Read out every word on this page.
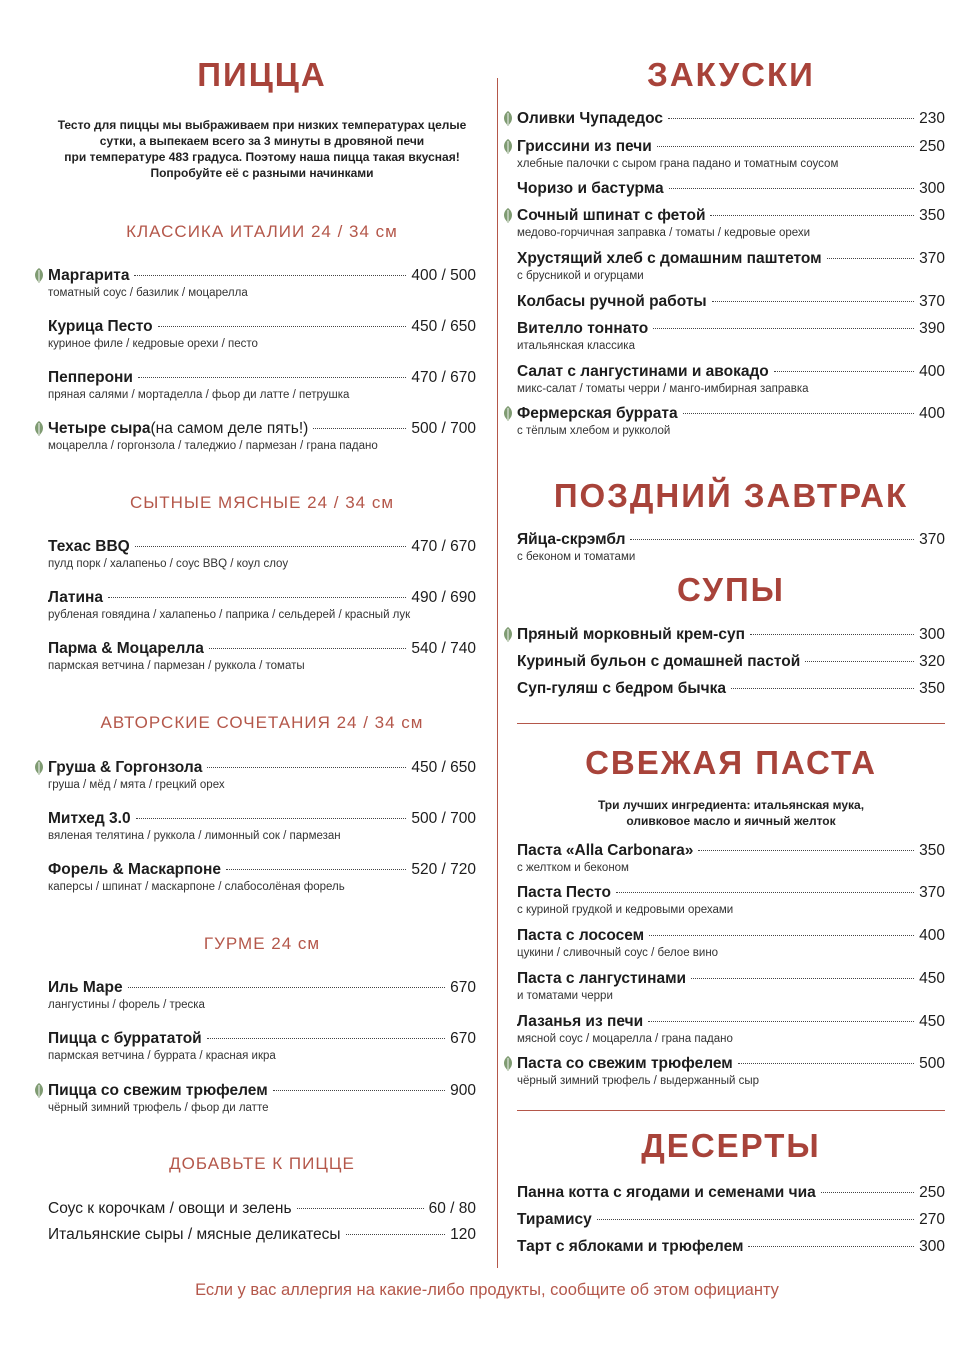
ПИЦЦА
Тесто для пиццы мы выбраживаем при низких температурах целые
сутки, а выпекаем всего за 3 минуты в дровяной печи
при температуре 483 градуса. Поэтому наша пицца такая вкусная!
Попробуйте её с разными начинками
КЛАССИКА ИТАЛИИ 24 / 34 см
СЫТНЫЕ МЯСНЫЕ 24 / 34 см
АВТОРСКИЕ СОЧЕТАНИЯ 24 / 34 см
ГУРМЕ 24 см
ДОБАВЬТЕ К ПИЦЦЕ
Маргарита	400 / 500
томатный соус / базилик / моцарелла
Курица Песто	450 / 650
куриное филе / кедровые орехи / песто
Пепперони	470 / 670
пряная салями / мортаделла / фьор ди латте / петрушка
Четыре сыра (на самом деле пять!)	500 / 700
моцарелла / горгонзола / таледжио / пармезан / грана падано
Техас BBQ	470 / 670
пулд порк / халапеньо / соус BBQ / коул слоу
Латина	490 / 690
рубленая говядина / халапеньо / паприка / сельдерей / красный лук
Парма & Моцарелла	540 / 740
пармская ветчина / пармезан / руккола / томаты
Груша & Горгонзола	450 / 650
груша / мёд / мята / грецкий орех
Митхед 3.0	500 / 700
вяленая телятина / руккола / лимонный сок / пармезан
Форель & Маскарпоне	520 / 720
каперсы / шпинат / маскарпоне / слабосолёная форель
Иль Маре	670
лангустины / форель / треска
Пицца с буррататой	670
пармская ветчина / буррата / красная икра
Пицца со свежим трюфелем	900
чёрный зимний трюфель / фьор ди латте
Соус к корочкам / овощи и зелень	60 / 80
Итальянские сыры / мясные деликатесы	120
ЗАКУСКИ
ПОЗДНИЙ ЗАВТРАК
СУПЫ
СВЕЖАЯ ПАСТА
Три лучших ингредиента: итальянская мука,
оливковое масло и яичный желток
ДЕСЕРТЫ
Оливки Чупадедос	230
Гриссини из печи	250
хлебные палочки с сыром грана падано и томатным соусом
Чоризо и бастурма	300
Сочный шпинат с фетой	350
медово-горчичная заправка / томаты / кедровые орехи
Хрустящий хлеб с домашним паштетом	370
с брусникой и огурцами
Колбасы ручной работы	370
Вителло тоннато	390
итальянская классика
Салат с лангустинами и авокадо	400
микс-салат / томаты черри / манго-имбирная заправка
Фермерская буррата	400
с тёплым хлебом и рукколой
Яйца-скрэмбл	370
с беконом и томатами
Пряный морковный крем-суп	300
Куриный бульон с домашней пастой	320
Суп-гуляш с бедром бычка	350
Паста «Alla Carbonara»	350
с желтком и беконом
Паста Песто	370
с куриной грудкой и кедровыми орехами
Паста с лососем	400
цукини / сливочный соус / белое вино
Паста с лангустинами	450
и томатами черри
Лазанья из печи	450
мясной соус / моцарелла / грана падано
Паста со свежим трюфелем	500
чёрный зимний трюфель / выдержанный сыр
Панна котта с ягодами и семенами чиа	250
Тирамису	270
Тарт с яблоками и трюфелем	300
Если у вас аллергия на какие-либо продукты, сообщите об этом официанту
